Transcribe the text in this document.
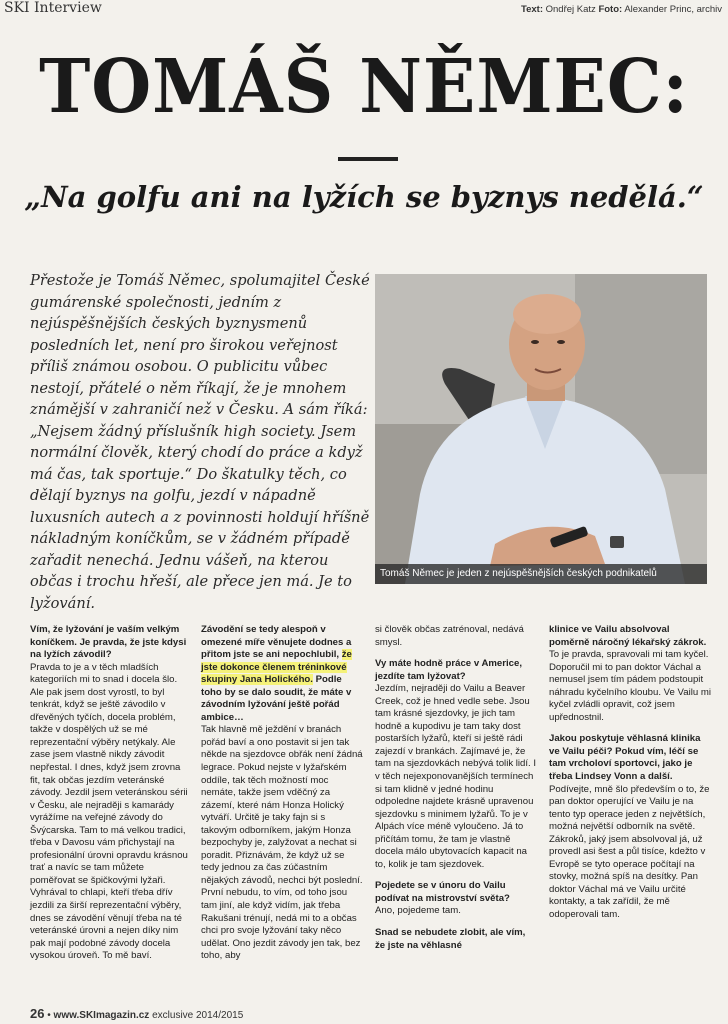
SKI Interview	Text: Ondřej Katz Foto: Alexander Princ, archiv
TOMÁŠ NĚMEC:
„Na golfu ani na lyžích se byznys nedělá.“

Přestože je Tomáš Němec, spolumajitel České gumárenské společnosti, jedním z nejúspěšnějších českých byznysmenů posledních let, není pro širokou veřejnost příliš známou osobou. O publicitu vůbec nestojí, přátelé o něm říkají, že je mnohem známější v zahraničí než v Česku. A sám říká: „Nejsem žádný příslušník high society. Jsem normální člověk, který chodí do práce a když má čas, tak sportuje.“ Do škatulky těch, co dělají byznys na golfu, jezdí v nápadně luxusních autech a z povinnosti holdují hříšně nákladným koníčkům, se v žádném případě zařadit nenechá. Jednu vášeň, na kterou občas i trochu hřeší, ale přece jen má. Je to lyžování.

Tomáš Němec je jeden z nejúspěšnějších českých podnikatelů

Vím, že lyžování je vaším velkým koníčkem. Je pravda, že jste kdysi na lyžích závodil?

Pravda to je a v těch mladších kategoriích mi to snad i docela šlo. Ale pak jsem dost vyrostl, to byl tenkrát, když se ještě závodilo v dřevěných tyčích, docela problém, takže v dospělých už se mé reprezentační výběry netýkaly. Ale zase jsem vlastně nikdy závodit nepřestal. I dnes, když jsem zrovna fit, tak občas jezdím veteránské závody. Jezdil jsem veteránskou sérii v Česku, ale nejradĕji s kamarády vyrážíme na veřejné závody do Švýcarska. Tam to má velkou tradici, třeba v Davosu vám přichystají na profesionální úrovni opravdu krásnou trať a navíc se tam můžete poměřovat se špičkovými lyžaři. Vyhrával to chlapi, kteří třeba dřív jezdili za širší reprezentační výběry, dnes se závodění věnují třeba na té veteránské úrovni a nejen díky nim pak mají podobné závody docela vysokou úroveň. To mě baví.

Závodění se tedy alespoň v omezené míře věnujete dodnes a přitom jste se ani nepochlubil, že jste dokonce členem tréninkové skupiny Jana Holického. Podle toho by se dalo soudit, že máte v závodním lyžování ještě pořád ambice…

Tak hlavně mě ježdění v branách pořád baví a ono postavit si jen tak někde na sjezdovce obřák není žádná legrace. Pokud nejste v lyžařském oddíle, tak těch možností moc nemáte, takže jsem vděčný za zázemí, které nám Honza Holický vytváří. Určitě je taky fajn si s takovým odborníkem, jakým Honza bezpochyby je, zalyžovat a nechat si poradit. Přiznávám, že když už se tedy jednou za čas zúčastním nějakých závodů, nechci být poslední. První nebudu, to vím, od toho jsou tam jiní, ale když vidím, jak třeba Rakušani trénují, nedá mi to a občas chci pro svoje lyžování taky něco udělat. Ono jezdit závody jen tak, bez toho, aby

si člověk občas zatrénoval, nedává smysl.

Vy máte hodně práce v Americe, jezdíte tam lyžovat?

Jezdím, nejradĕji do Vailu a Beaver Creek, což je hned vedle sebe. Jsou tam krásné sjezdovky, je jich tam hodně a kupodivu je tam taky dost postarších lyžařů, kteří si ještě rádi zajezdí v brankách. Zajímavé je, že tam na sjezdovkách nebývá tolik lidí. I v těch nejexponovanějších termínech si tam klidně v jedné hodinu odpoledne najdete krásně upravenou sjezdovku s minimem lyžařů. To je v Alpách více méně vyloučeno. Já to přičítám tomu, že tam je vlastně docela málo ubytovacích kapacit na to, kolik je tam sjezdovek.

Pojedete se v únoru do Vailu podívat na mistrovství světa?

Ano, pojedeme tam.

Snad se nebudete zlobit, ale vím, že jste na věhlasné

klinice ve Vailu absolvoval poměrně náročný lékařský zákrok.

To je pravda, spravovali mi tam kyčel. Doporučil mi to pan doktor Váchal a nemusel jsem tím pádem podstoupit náhradu kyčelního kloubu. Ve Vailu mi kyčel zvládli opravit, což jsem upřednostnil.

Jakou poskytuje věhlasná klinika ve Vailu péči? Pokud vím, léčí se tam vrcholoví sportovci, jako je třeba Lindsey Vonn a další.

Podívejte, mně šlo především o to, že pan doktor operující ve Vailu je na tento typ operace jeden z největších, možná největší odborník na světě. Zákroků, jaký jsem absolvoval já, už provedl asi šest a půl tisíce, kdežto v Evropě se tyto operace počítají na stovky, možná spíš na desítky. Pan doktor Váchal má ve Vailu určité kontakty, a tak zařídil, že mě odoperovali tam.

26 • www.SKImagazin.cz exclusive 2014/2015
